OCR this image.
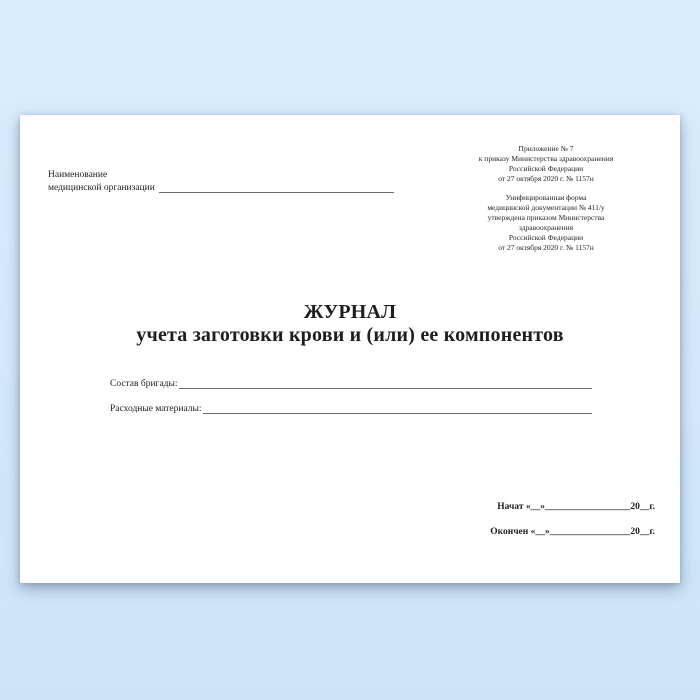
Наименование
медицинской организации
Приложение № 7
к приказу Министерства здравоохранения
Российской Федерации
от 27 октября 2020 г. № 1157н
Унифицированная форма
медицинской документации № 411/у
утверждена приказом Министерства
здравоохранения
Российской Федерации
от 27 октября 2020 г. № 1157н
ЖУРНАЛ
учета заготовки крови и (или) ее компонентов
Состав бригады:
Расходные материалы:
Начат «__»__________________20__г.
Окончен «__»_________________20__г.
